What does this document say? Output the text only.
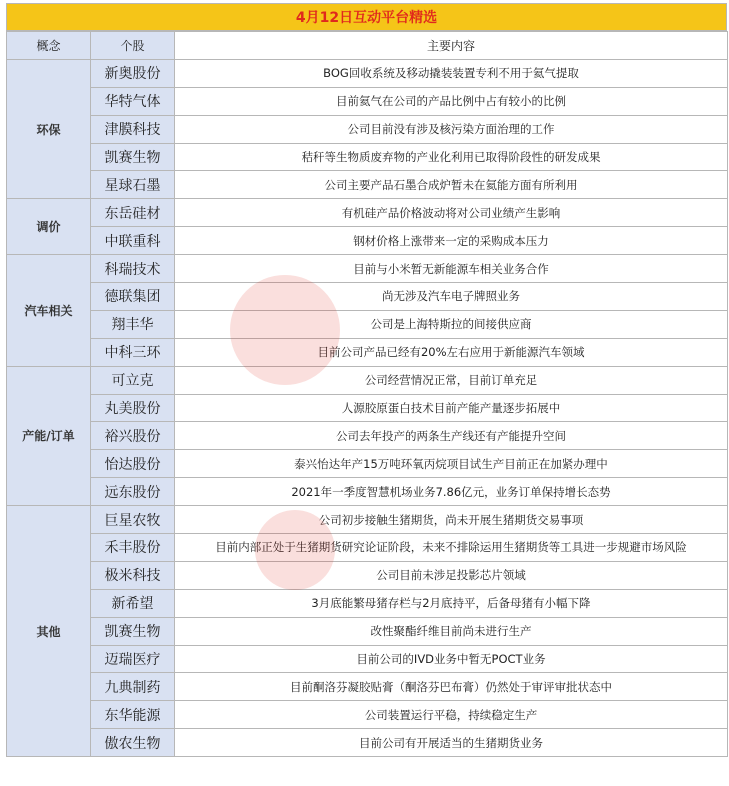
4月12日互动平台精选
概念	个股	主要内容
环保	新奥股份	BOG回收系统及移动撬装装置专利不用于氦气提取
	华特气体	目前氦气在公司的产品比例中占有较小的比例
	津膜科技	公司目前没有涉及核污染方面治理的工作
	凯赛生物	秸秆等生物质废弃物的产业化利用已取得阶段性的研发成果
	星球石墨	公司主要产品石墨合成炉暂未在氦能方面有所利用
调价	东岳硅材	有机硅产品价格波动将对公司业绩产生影响
	中联重科	钢材价格上涨带来一定的采购成本压力
汽车相关	科瑞技术	目前与小米暂无新能源车相关业务合作
	德联集团	尚无涉及汽车电子牌照业务
	翔丰华	公司是上海特斯拉的间接供应商
	中科三环	目前公司产品已经有20%左右应用于新能源汽车领域
产能/订单	可立克	公司经营情况正常，目前订单充足
	丸美股份	人源胶原蛋白技术目前产能产量逐步拓展中
	裕兴股份	公司去年投产的两条生产线还有产能提升空间
	怡达股份	泰兴怡达年产15万吨环氧丙烷项目试生产目前正在加紧办理中
	远东股份	2021年一季度智慧机场业务7.86亿元，业务订单保持增长态势
其他	巨星农牧	公司初步接触生猪期货，尚未开展生猪期货交易事项
	禾丰股份	目前内部正处于生猪期货研究论证阶段，未来不排除运用生猪期货等工具进一步规避市场风险
	极米科技	公司目前未涉足投影芯片领域
	新希望	3月底能繁母猪存栏与2月底持平，后备母猪有小幅下降
	凯赛生物	改性聚酯纤维目前尚未进行生产
	迈瑞医疗	目前公司的IVD业务中暂无POCT业务
	九典制药	目前酮洛芬凝胶贴膏（酮洛芬巴布膏）仍然处于审评审批状态中
	东华能源	公司装置运行平稳，持续稳定生产
	傲农生物	目前公司有开展适当的生猪期货业务
